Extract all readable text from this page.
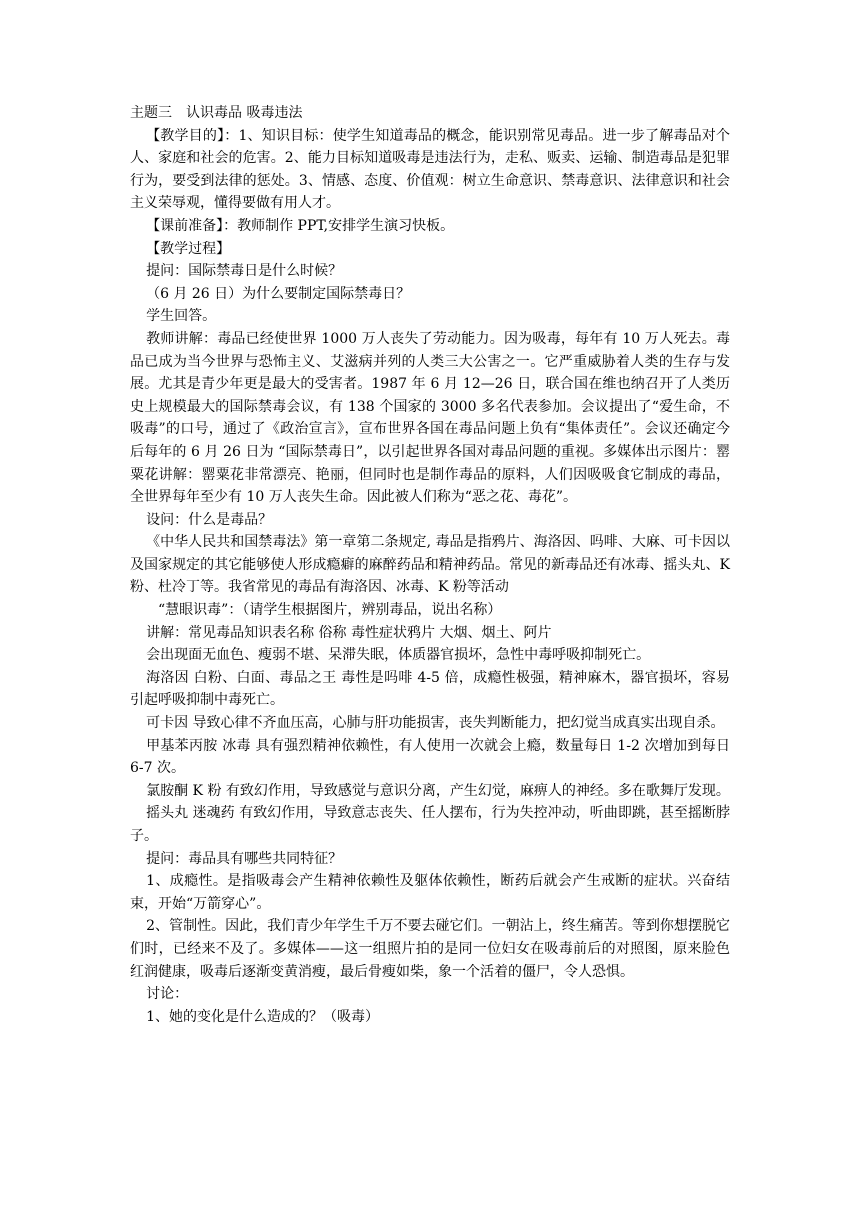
主题三　认识毒品 吸毒违法

【教学目的】：1、知识目标：使学生知道毒品的概念，能识别常见毒品。进一步了解毒品对个人、家庭和社会的危害。2、能力目标知道吸毒是违法行为，走私、贩卖、运输、制造毒品是犯罪行为，要受到法律的惩处。3、情感、态度、价值观：树立生命意识、禁毒意识、法律意识和社会主义荣辱观，懂得要做有用人才。

【课前准备】：教师制作 PPT,安排学生演习快板。

【教学过程】

提问：国际禁毒日是什么时候？

（6 月 26 日）为什么要制定国际禁毒日？

学生回答。

教师讲解：毒品已经使世界 1000 万人丧失了劳动能力。因为吸毒，每年有 10 万人死去。毒品已成为当今世界与恐怖主义、艾滋病并列的人类三大公害之一。它严重威胁着人类的生存与发展。尤其是青少年更是最大的受害者。1987 年 6 月 12—26 日，联合国在维也纳召开了人类历史上规模最大的国际禁毒会议，有 138 个国家的 3000 多名代表参加。会议提出了“爱生命，不吸毒”的口号，通过了《政治宣言》，宣布世界各国在毒品问题上负有“集体责任”。会议还确定今后每年的 6 月 26 日为 “国际禁毒日”，以引起世界各国对毒品问题的重视。多媒体出示图片：罂粟花讲解：罂粟花非常漂亮、艳丽，但同时也是制作毒品的原料，人们因吸吸食它制成的毒品，全世界每年至少有 10 万人丧失生命。因此被人们称为“恶之花、毒花”。

设问：什么是毒品？

《中华人民共和国禁毒法》第一章第二条规定, 毒品是指鸦片、海洛因、吗啡、大麻、可卡因以及国家规定的其它能够使人形成瘾癖的麻醉药品和精神药品。常见的新毒品还有冰毒、摇头丸、K 粉、杜冷丁等。我省常见的毒品有海洛因、冰毒、K 粉等活动

“慧眼识毒”：（请学生根据图片，辨别毒品，说出名称）

讲解：常见毒品知识表名称 俗称 毒性症状鸦片 大烟、烟土、阿片

会出现面无血色、瘦弱不堪、呆滞失眠，体质器官损坏，急性中毒呼吸抑制死亡。

海洛因 白粉、白面、毒品之王 毒性是吗啡 4-5 倍，成瘾性极强，精神麻木，器官损坏，容易引起呼吸抑制中毒死亡。

可卡因 导致心律不齐血压高，心肺与肝功能损害，丧失判断能力，把幻觉当成真实出现自杀。

甲基苯丙胺 冰毒 具有强烈精神依赖性，有人使用一次就会上瘾，数量每日 1-2 次增加到每日 6-7 次。

氯胺酮 K 粉 有致幻作用，导致感觉与意识分离，产生幻觉，麻痹人的神经。多在歌舞厅发现。

摇头丸 迷魂药 有致幻作用，导致意志丧失、任人摆布，行为失控冲动，听曲即跳，甚至摇断脖子。

提问：毒品具有哪些共同特征？

1、成瘾性。是指吸毒会产生精神依赖性及躯体依赖性，断药后就会产生戒断的症状。兴奋结束，开始“万箭穿心”。

2、管制性。因此，我们青少年学生千万不要去碰它们。一朝沾上，终生痛苦。等到你想摆脱它们时，已经来不及了。多媒体——这一组照片拍的是同一位妇女在吸毒前后的对照图，原来脸色红润健康，吸毒后逐渐变黄消瘦，最后骨瘦如柴，象一个活着的僵尸，令人恐惧。

讨论：

1、她的变化是什么造成的？（吸毒）
